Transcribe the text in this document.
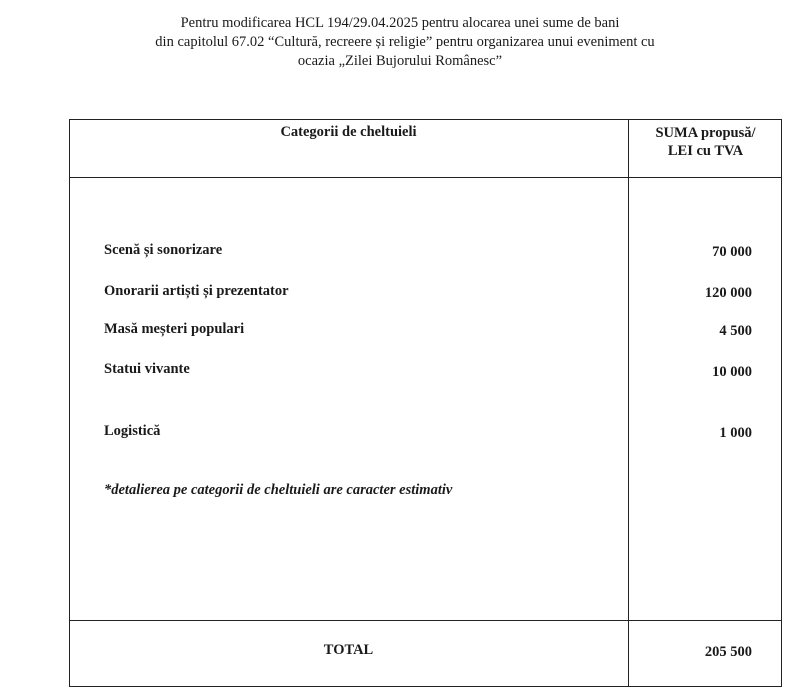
Pentru modificarea HCL 194/29.04.2025 pentru alocarea unei sume de bani
din capitolul 67.02 “Cultură, recreere și religie” pentru organizarea unui eveniment cu
ocazia „Zilei Bujorului Românesc”
Categorii de cheltuieli	SUMA propusă/
LEI cu TVA
Scenă și sonorizare	70 000
Onorarii artiști și prezentator	120 000
Masă meșteri populari	4 500
Statui vivante	10 000
Logistică	1 000
*detalierea pe categorii de cheltuieli are caracter estimativ
TOTAL	205 500
